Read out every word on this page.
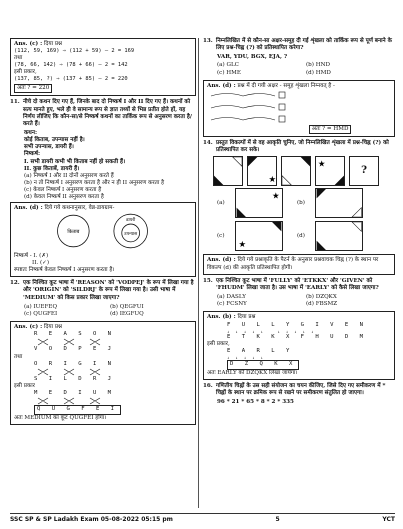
Ans. (c) : दिया प्रश्न
(112, 59, 169) ⇒ (112 + 59) – 2 = 169
तथा
(78, 66, 142) ⇒ (78 + 66) – 2 = 142
इसी प्रकार,
(137, 85, ?) ⇒ (137 + 85) – 2 = 220
अतः ? = 220
11. नीचे दो कथन दिए गए हैं, जिनके बाद दो निष्कर्ष I और II दिए गए हैं। कथनों को सत्य मानते हुए, भले ही वे सामान्य रूप से ज्ञात तथ्यों से भिन्न प्रतीत होते हों, यह निर्णय लीजिए कि कौन-सा/से निष्कर्ष कथनों का तार्किक रूप से अनुसरण करता है/करते हैं।
कथन:
कोई किताब, उपन्यास नहीं है।
सभी उपन्यास, डायरी हैं।
निष्कर्ष:
I. सभी डायरी कभी भी किताब नहीं हो सकती हैं।
II. कुछ किताबें, डायरी हैं।
(a) निष्कर्ष I और II दोनों अनुसरण करते हैं
(b) न तो निष्कर्ष I अनुसरण करता है और न ही II अनुसरण करता है
(c) केवल निष्कर्ष I अनुसरण करता है
(d) केवल निष्कर्ष II अनुसरण करता है
Ans. (d) : दिये गये कथनानुसार, वेन्न-डायग्राम-
किताब	उपन्यास
डायरी
निष्कर्ष - I. (✗)
II. (✓)
स्पष्टतः निष्कर्ष केवल निष्कर्ष I अनुसरण करता है।
12. एक निश्चित कूट भाषा में 'REASON' को 'VODPEJ' के रूप में लिखा गया है और 'ORIGIN' को 'SILDRJ' के रूप में लिखा गया है। उसी भाषा में 'MEDIUM' को किस प्रकार लिखा जाएगा?
(a) IUEFEQ	(b) QEGFUI
(c) QUGFEI	(d) IEGFUQ
Ans. (c) : दिया प्रश्न
R E A S O N
V O D P E J
तथा
O R I G I N
S I L D R J
इसी प्रकार
M E D I U M
Q U G F E I
अतः MEDIUM का कूट QUGFEI होगा।
13. निम्नलिखित में से कौन-सा अक्षर-समूह दी गई शृंखला को तार्किक रूप से पूर्ण बनाने के लिए प्रश्न-चिह्न (?) को प्रतिस्थापित करेगा?
VAR, YDU, BGX, EJA, ?
(a) GLC	(b) HND
(c) HME	(d) HMD
Ans. (d) : प्रश्न में दी गयी अक्षर - समूह शृंखला निम्नवत् है -
अतः ? = HMD
14. प्रस्तुत विकल्पों में से वह आकृति चुनिए, जो निम्नलिखित शृंखला में प्रश्न-चिह्न (?) को प्रतिस्थापित कर सके।
★
★
?
(a)
★
(b)
(c)
★
(d)
Ans. (d) : दिये गये प्रश्नाकृति के पैटर्न के अनुसार प्रश्नवाचक चिह्न (?) के स्थान पर विकल्प (d) की आकृति प्रतिस्थापित होगी।
15. एक निश्चित कूट भाषा में 'FULLY' को 'ETKKX' और 'GIVEN' को 'FHUDM' लिखा जाता है। उस भाषा में 'EARLY' को कैसे लिखा जाएगा?
(a) DASLY	(b) DZQKX
(c) FCSNY	(d) FBSMZ
Ans. (b) : दिया प्रश्न
F U L L Y G I V E N
↓↓↓↓↓ ↓↓↓↓↓
E T K K X F H U D M
इसी प्रकार,
E A R L Y
↓↓↓↓↓
D Z Q K X
अतः EARLY को DZQKX लिखा जायेगा।
16. गणितीय चिह्नों के उस सही संयोजन का चयन कीजिए, जिसे दिए गए समीकरण में * चिह्नों के स्थान पर क्रमिक रूप से रखने पर समीकरण संतुलित हो जाएगा।
96 * 21 * 65 * 8 * 2 * 335
SSC SP & SP Ladakh Exam 05-08-2022 05:15 pm	5	YCT
